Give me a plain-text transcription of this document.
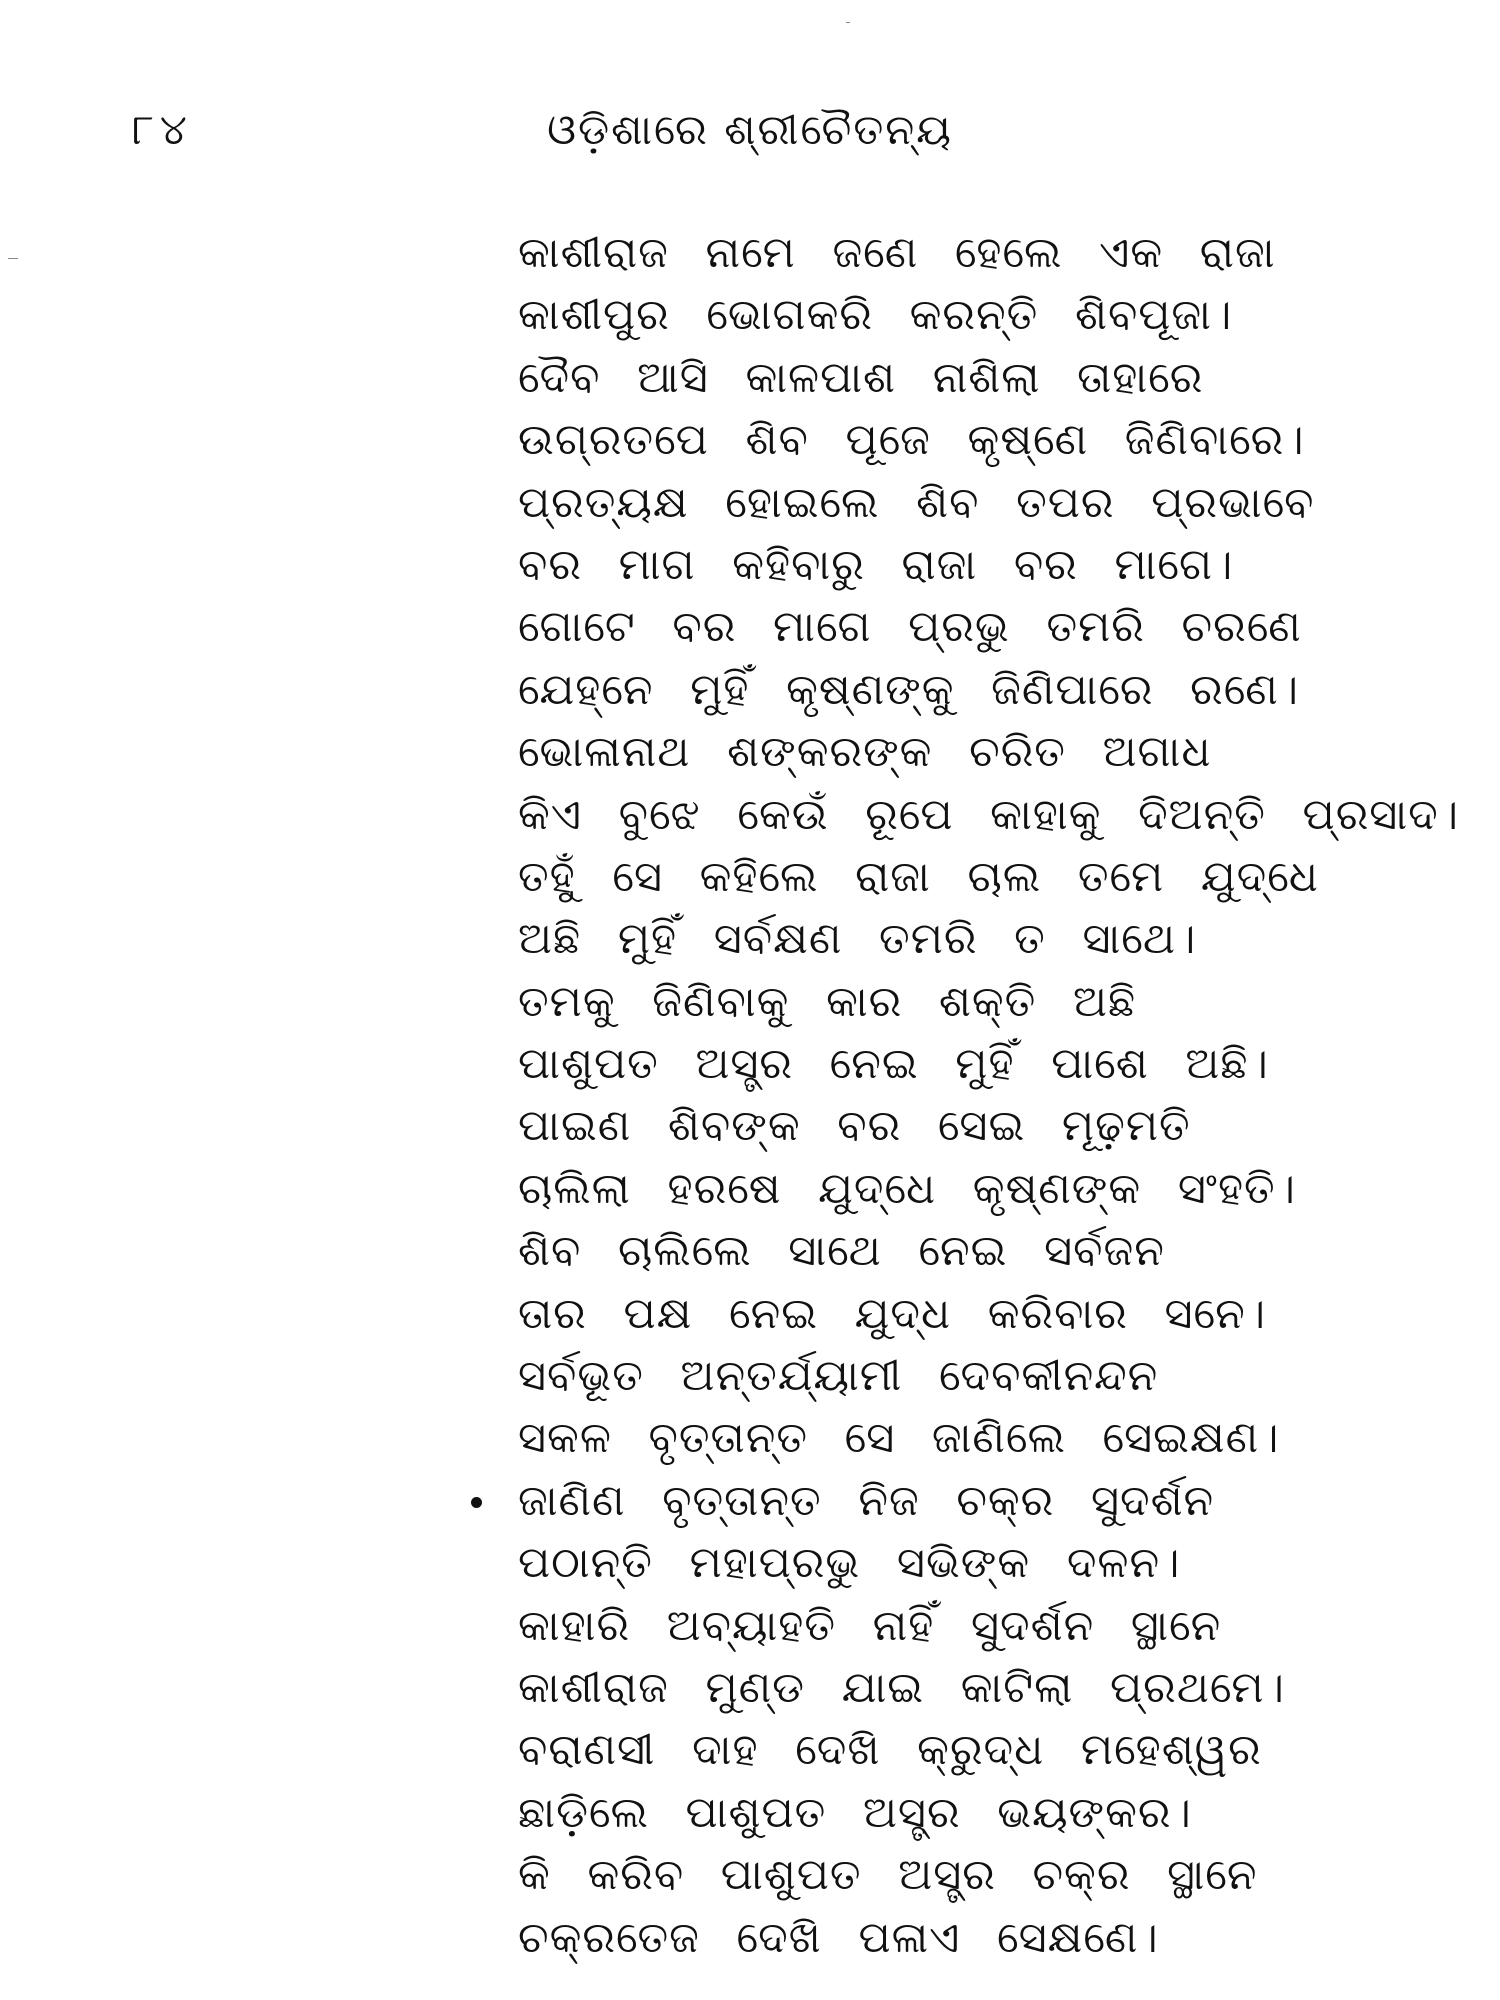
୮୪	ଓଡ଼ିଶାରେ ଶ୍ରୀଚୈତନ୍ୟ
କାଶୀରାଜ ନାମେ ଜଣେ ହେଲେ ଏକ ରାଜା
କାଶୀପୁର ଭୋଗକରି କରନ୍ତି ଶିବପୂଜା।
ଦୈବ ଆସି କାଳପାଶ ନାଶିଲା ତାହାରେ
ଉଗ୍ରତପେ ଶିବ ପୂଜେ କୃଷ୍ଣେ ଜିଣିବାରେ।
ପ୍ରତ୍ୟକ୍ଷ ହୋଇଲେ ଶିବ ତପର ପ୍ରଭାବେ
ବର ମାଗ କହିବାରୁ ରାଜା ବର ମାଗେ।
ଗୋଟେ ବର ମାଗେ ପ୍ରଭୁ ତମରି ଚରଣେ
ଯେହ୍ନେ ମୁହିଁ କୃଷ୍ଣଙ୍କୁ ଜିଣିପାରେ ରଣେ।
ଭୋଳାନାଥ ଶଙ୍କରଙ୍କ ଚରିତ ଅଗାଧ
କିଏ ବୁଝେ କେଉଁ ରୂପେ କାହାକୁ ଦିଅନ୍ତି ପ୍ରସାଦ।
ତହୁଁ ସେ କହିଲେ ରାଜା ଚାଲ ତମେ ଯୁଦ୍ଧେ
ଅଛି ମୁହିଁ ସର୍ବକ୍ଷଣ ତମରି ତ ସାଥେ।
ତମକୁ ଜିଣିବାକୁ କାର ଶକ୍ତି ଅଛି
ପାଶୁପତ ଅସ୍ତ୍ର ନେଇ ମୁହିଁ ପାଶେ ଅଛି।
ପାଇଣ ଶିବଙ୍କ ବର ସେଇ ମୂଢ଼ମତି
ଚାଲିଲା ହରଷେ ଯୁଦ୍ଧେ କୃଷ୍ଣଙ୍କ ସଂହତି।
ଶିବ ଚାଲିଲେ ସାଥେ ନେଇ ସର୍ବଜନ
ତାର ପକ୍ଷ ନେଇ ଯୁଦ୍ଧ କରିବାର ସନେ।
ସର୍ବଭୂତ ଅନ୍ତର୍ଯ୍ୟାମୀ ଦେବକୀନନ୍ଦନ
ସକଳ ବୃତ୍ତାନ୍ତ ସେ ଜାଣିଲେ ସେଇକ୍ଷଣ।
ଜାଣିଣ ବୃତ୍ତାନ୍ତ ନିଜ ଚକ୍ର ସୁଦର୍ଶନ
ପଠାନ୍ତି ମହାପ୍ରଭୁ ସଭିଙ୍କ ଦଳନ।
କାହାରି ଅବ୍ୟାହତି ନାହିଁ ସୁଦର୍ଶନ ସ୍ଥାନେ
କାଶୀରାଜ ମୁଣ୍ଡ ଯାଇ କାଟିଲା ପ୍ରଥମେ।
ବରାଣସୀ ଦାହ ଦେଖି କ୍ରୁଦ୍ଧ ମହେଶ୍ୱର
ଛାଡ଼ିଲେ ପାଶୁପତ ଅସ୍ତ୍ର ଭୟଙ୍କର।
କି କରିବ ପାଶୁପତ ଅସ୍ତ୍ର ଚକ୍ର ସ୍ଥାନେ
ଚକ୍ରତେଜ ଦେଖି ପଳାଏ ସେକ୍ଷଣେ।
